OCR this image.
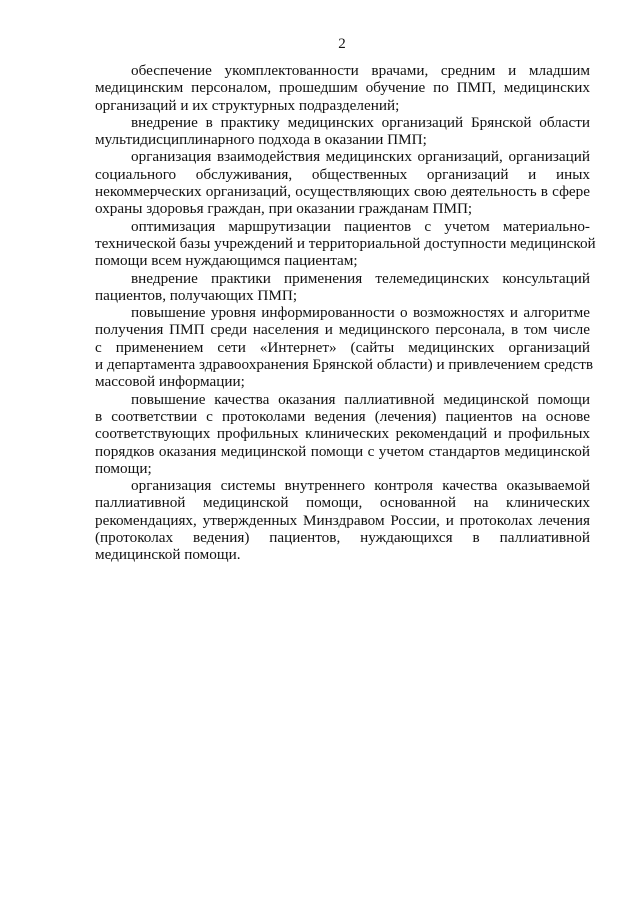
2
обеспечение укомплектованности врачами, средним и младшим
медицинским персоналом, прошедшим обучение по ПМП, медицинских
организаций и их структурных подразделений;
внедрение в практику медицинских организаций Брянской области
мультидисциплинарного подхода в оказании ПМП;
организация взаимодействия медицинских организаций, организаций
социального обслуживания, общественных организаций и иных
некоммерческих организаций, осуществляющих свою деятельность в сфере
охраны здоровья граждан, при оказании гражданам ПМП;
оптимизация маршрутизации пациентов с учетом материально-
технической базы учреждений и территориальной доступности медицинской
помощи всем нуждающимся пациентам;
внедрение практики применения телемедицинских консультаций
пациентов, получающих ПМП;
повышение уровня информированности о возможностях и алгоритме
получения ПМП среди населения и медицинского персонала, в том числе
с применением сети «Интернет» (сайты медицинских организаций
и департамента здравоохранения Брянской области) и привлечением средств
массовой информации;
повышение качества оказания паллиативной медицинской помощи
в соответствии с протоколами ведения (лечения) пациентов на основе
соответствующих профильных клинических рекомендаций и профильных
порядков оказания медицинской помощи с учетом стандартов медицинской
помощи;
организация системы внутреннего контроля качества оказываемой
паллиативной медицинской помощи, основанной на клинических
рекомендациях, утвержденных Минздравом России, и протоколах лечения
(протоколах ведения) пациентов, нуждающихся в паллиативной
медицинской помощи.
